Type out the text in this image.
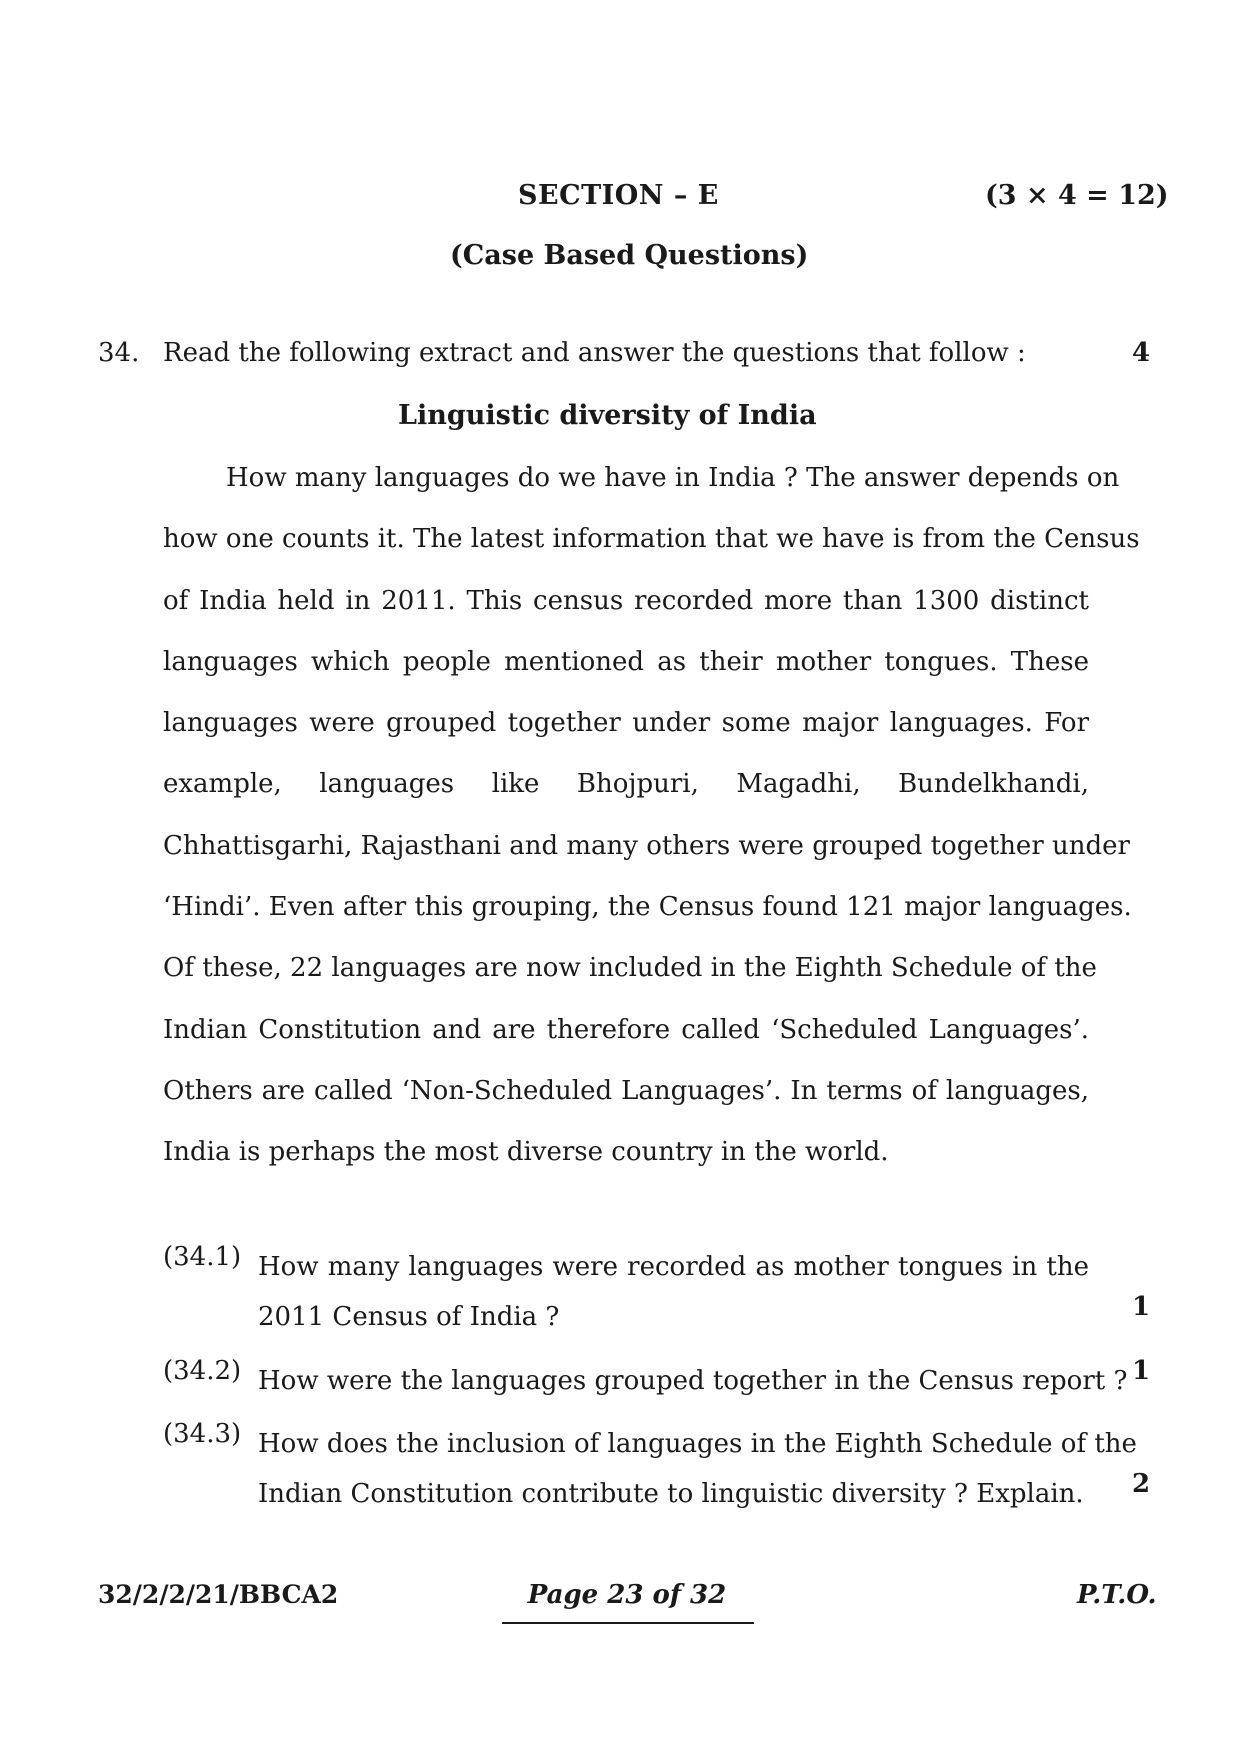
SECTION – E	(3 × 4 = 12)
(Case Based Questions)
34. Read the following extract and answer the questions that follow :	4
Linguistic diversity of India
How many languages do we have in India ? The answer depends on
how one counts it. The latest information that we have is from the Census
of India held in 2011. This census recorded more than 1300 distinct
languages which people mentioned as their mother tongues. These
languages were grouped together under some major languages. For
example, languages like Bhojpuri, Magadhi, Bundelkhandi,
Chhattisgarhi, Rajasthani and many others were grouped together under
‘Hindi’. Even after this grouping, the Census found 121 major languages.
Of these, 22 languages are now included in the Eighth Schedule of the
Indian Constitution and are therefore called ‘Scheduled Languages’.
Others are called ‘Non-Scheduled Languages’. In terms of languages,
India is perhaps the most diverse country in the world.
(34.1) How many languages were recorded as mother tongues in the
2011 Census of India ?	1
(34.2) How were the languages grouped together in the Census report ? 1
(34.3) How does the inclusion of languages in the Eighth Schedule of the
Indian Constitution contribute to linguistic diversity ? Explain. 2
32/2/2/21/BBCA2	Page 23 of 32	P.T.O.
